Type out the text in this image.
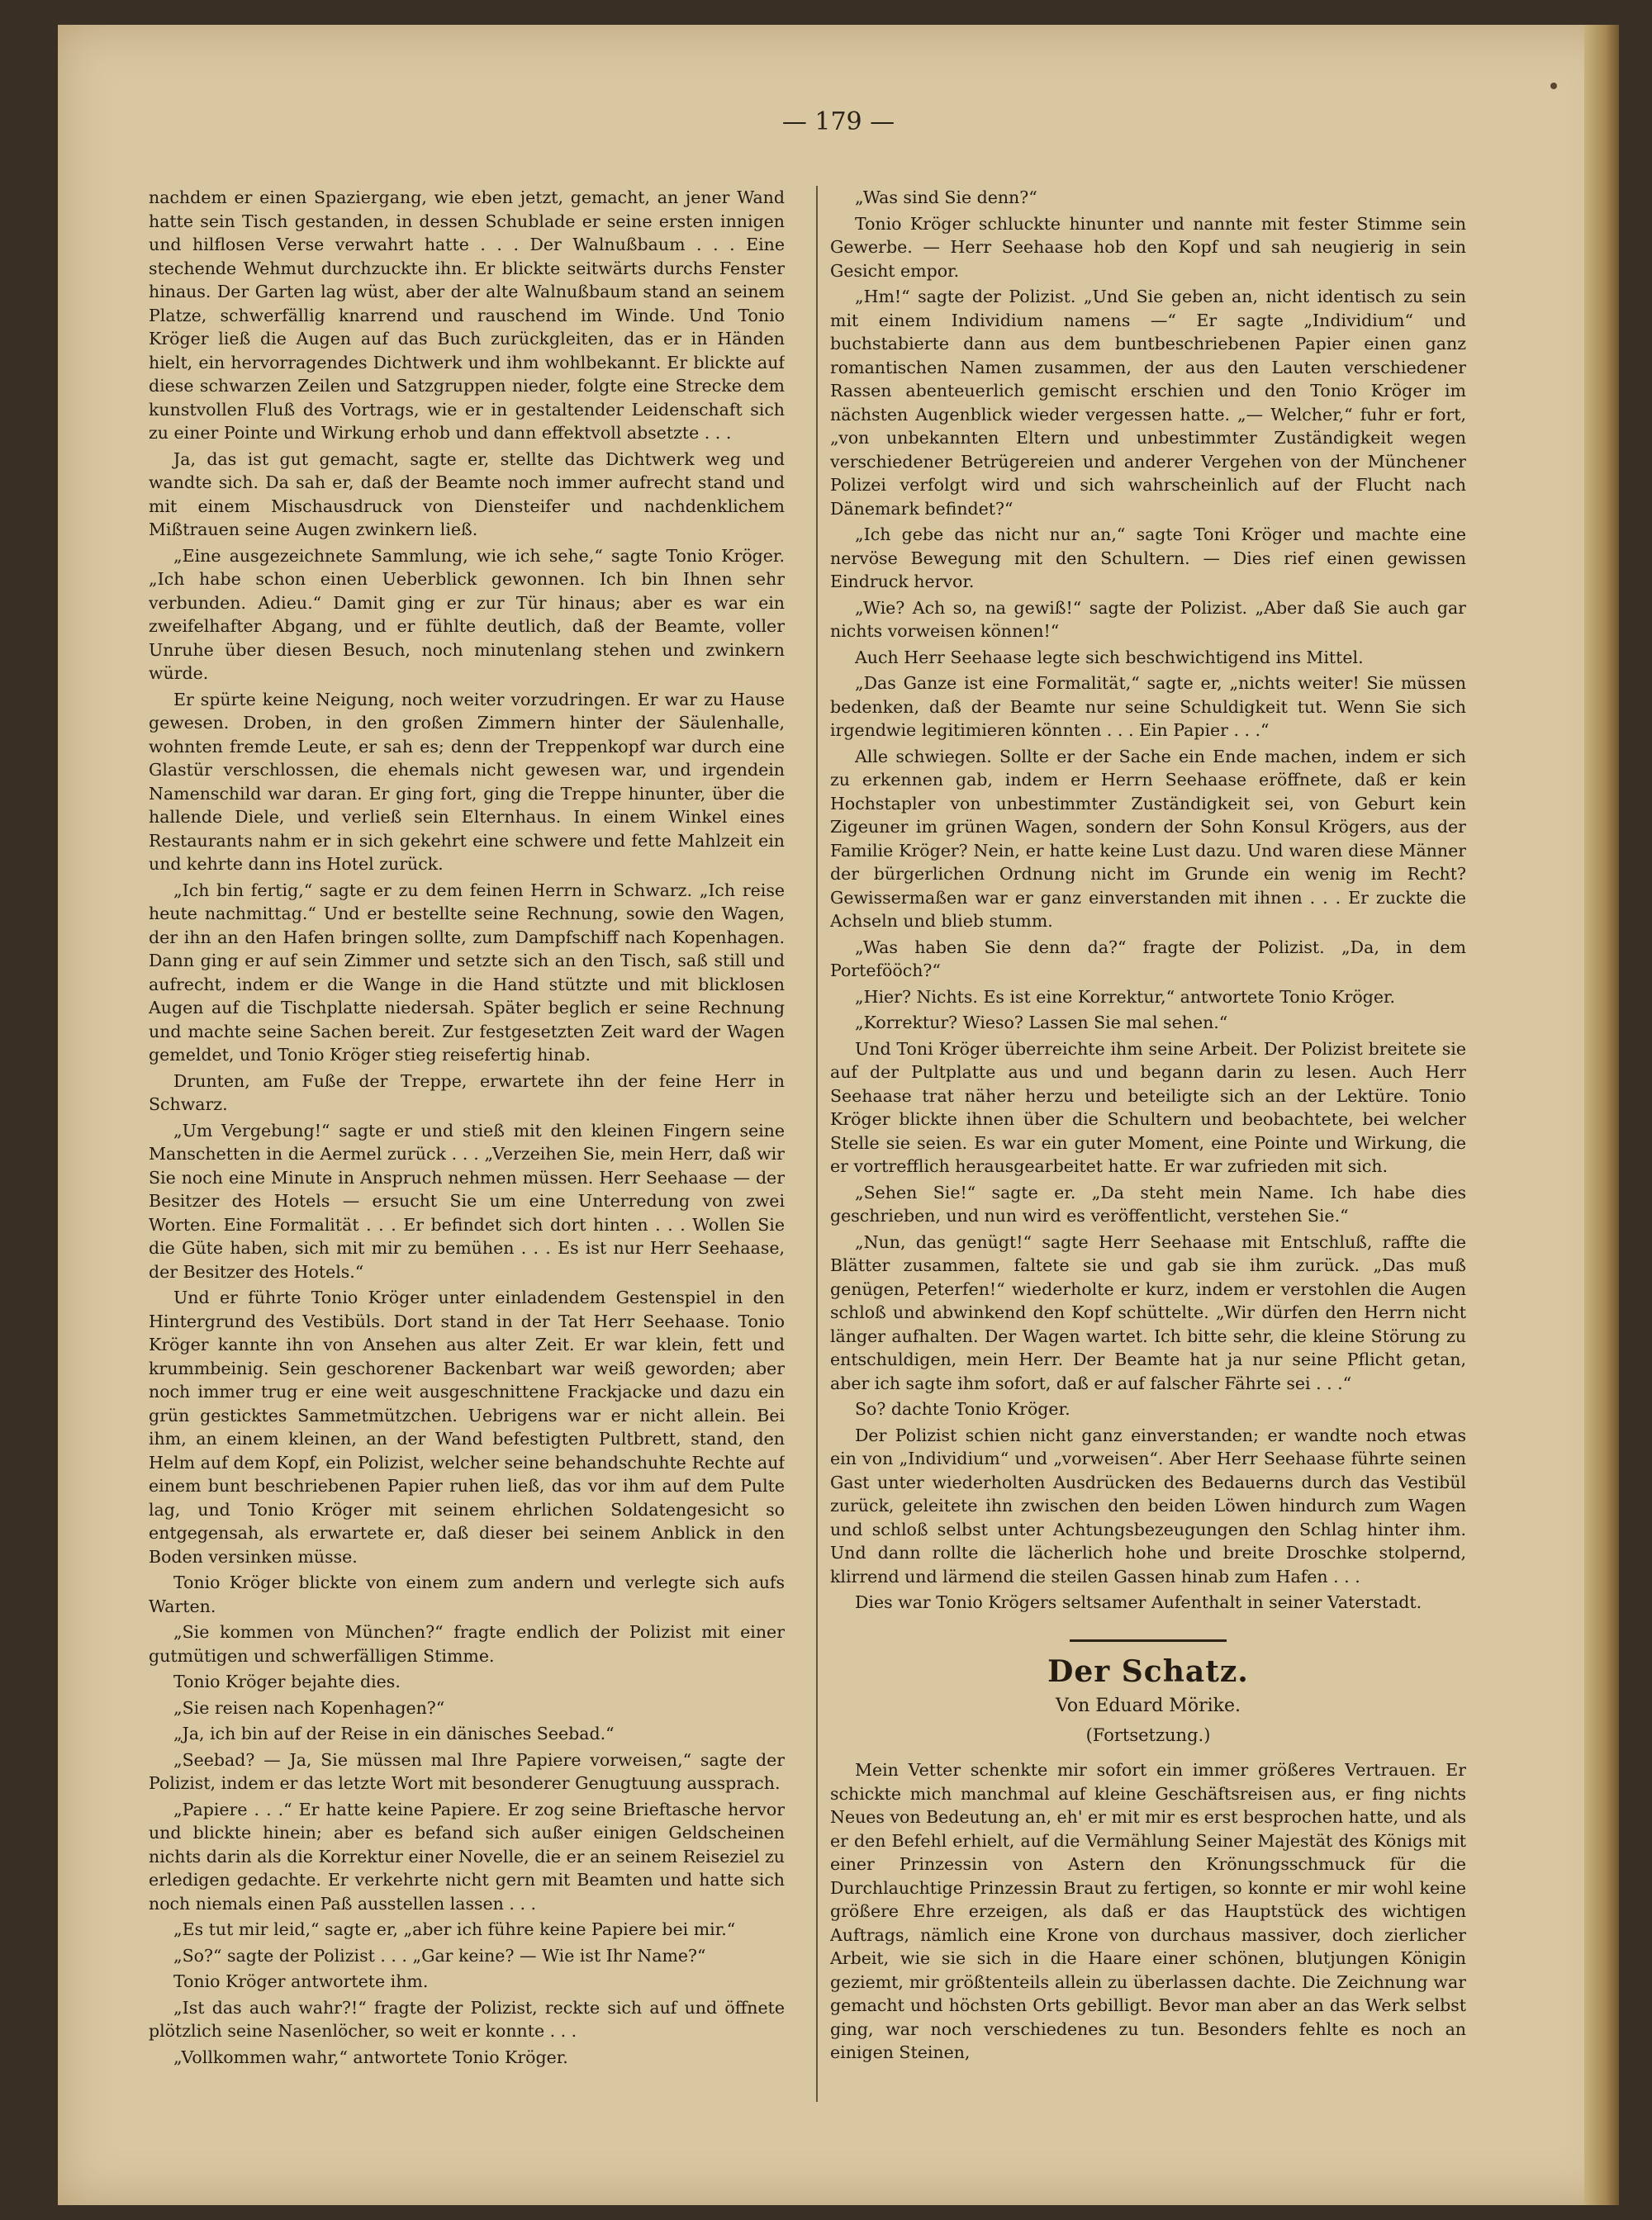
— 179 —

nachdem er einen Spaziergang, wie eben jetzt, gemacht, an jener Wand hatte sein Tisch gestanden, in dessen Schublade er seine ersten innigen und hilflosen Verse verwahrt hatte . . . Der Walnußbaum . . . Eine stechende Wehmut durchzuckte ihn. Er blickte seitwärts durchs Fenster hinaus. Der Garten lag wüst, aber der alte Walnußbaum stand an seinem Platze, schwerfällig knarrend und rauschend im Winde. Und Tonio Kröger ließ die Augen auf das Buch zurückgleiten, das er in Händen hielt, ein hervorragendes Dichtwerk und ihm wohlbekannt. Er blickte auf diese schwarzen Zeilen und Satzgruppen nieder, folgte eine Strecke dem kunstvollen Fluß des Vortrags, wie er in gestaltender Leidenschaft sich zu einer Pointe und Wirkung erhob und dann effektvoll absetzte . . .

Ja, das ist gut gemacht, sagte er, stellte das Dichtwerk weg und wandte sich. Da sah er, daß der Beamte noch immer aufrecht stand und mit einem Mischausdruck von Diensteifer und nachdenklichem Mißtrauen seine Augen zwinkern ließ.

„Eine ausgezeichnete Sammlung, wie ich sehe,“ sagte Tonio Kröger. „Ich habe schon einen Ueberblick gewonnen. Ich bin Ihnen sehr verbunden. Adieu.“ Damit ging er zur Tür hinaus; aber es war ein zweifelhafter Abgang, und er fühlte deutlich, daß der Beamte, voller Unruhe über diesen Besuch, noch minutenlang stehen und zwinkern würde.

Er spürte keine Neigung, noch weiter vorzudringen. Er war zu Hause gewesen. Droben, in den großen Zimmern hinter der Säulenhalle, wohnten fremde Leute, er sah es; denn der Treppenkopf war durch eine Glastür verschlossen, die ehemals nicht gewesen war, und irgendein Namenschild war daran. Er ging fort, ging die Treppe hinunter, über die hallende Diele, und verließ sein Elternhaus. In einem Winkel eines Restaurants nahm er in sich gekehrt eine schwere und fette Mahlzeit ein und kehrte dann ins Hotel zurück.

„Ich bin fertig,“ sagte er zu dem feinen Herrn in Schwarz. „Ich reise heute nachmittag.“ Und er bestellte seine Rechnung, sowie den Wagen, der ihn an den Hafen bringen sollte, zum Dampfschiff nach Kopenhagen. Dann ging er auf sein Zimmer und setzte sich an den Tisch, saß still und aufrecht, indem er die Wange in die Hand stützte und mit blicklosen Augen auf die Tischplatte niedersah. Später beglich er seine Rechnung und machte seine Sachen bereit. Zur festgesetzten Zeit ward der Wagen gemeldet, und Tonio Kröger stieg reisefertig hinab.

Drunten, am Fuße der Treppe, erwartete ihn der feine Herr in Schwarz.

„Um Vergebung!“ sagte er und stieß mit den kleinen Fingern seine Manschetten in die Aermel zurück . . . „Verzeihen Sie, mein Herr, daß wir Sie noch eine Minute in Anspruch nehmen müssen. Herr Seehaase — der Besitzer des Hotels — ersucht Sie um eine Unterredung von zwei Worten. Eine Formalität . . . Er befindet sich dort hinten . . . Wollen Sie die Güte haben, sich mit mir zu bemühen . . . Es ist nur Herr Seehaase, der Besitzer des Hotels.“

Und er führte Tonio Kröger unter einladendem Gestenspiel in den Hintergrund des Vestibüls. Dort stand in der Tat Herr Seehaase. Tonio Kröger kannte ihn von Ansehen aus alter Zeit. Er war klein, fett und krummbeinig. Sein geschorener Backenbart war weiß geworden; aber noch immer trug er eine weit ausgeschnittene Frackjacke und dazu ein grün gesticktes Sammetmützchen. Uebrigens war er nicht allein. Bei ihm, an einem kleinen, an der Wand befestigten Pultbrett, stand, den Helm auf dem Kopf, ein Polizist, welcher seine behandschuhte Rechte auf einem bunt beschriebenen Papier ruhen ließ, das vor ihm auf dem Pulte lag, und Tonio Kröger mit seinem ehrlichen Soldatengesicht so entgegensah, als erwartete er, daß dieser bei seinem Anblick in den Boden versinken müsse.

Tonio Kröger blickte von einem zum andern und verlegte sich aufs Warten.

„Sie kommen von München?“ fragte endlich der Polizist mit einer gutmütigen und schwerfälligen Stimme.

Tonio Kröger bejahte dies.

„Sie reisen nach Kopenhagen?“

„Ja, ich bin auf der Reise in ein dänisches Seebad.“

„Seebad? — Ja, Sie müssen mal Ihre Papiere vorweisen,“ sagte der Polizist, indem er das letzte Wort mit besonderer Genugtuung aussprach.

„Papiere . . .“ Er hatte keine Papiere. Er zog seine Brieftasche hervor und blickte hinein; aber es befand sich außer einigen Geldscheinen nichts darin als die Korrektur einer Novelle, die er an seinem Reiseziel zu erledigen gedachte. Er verkehrte nicht gern mit Beamten und hatte sich noch niemals einen Paß ausstellen lassen . . .

„Es tut mir leid,“ sagte er, „aber ich führe keine Papiere bei mir.“

„So?“ sagte der Polizist . . . „Gar keine? — Wie ist Ihr Name?“

Tonio Kröger antwortete ihm.

„Ist das auch wahr?!“ fragte der Polizist, reckte sich auf und öffnete plötzlich seine Nasenlöcher, so weit er konnte . . .

„Vollkommen wahr,“ antwortete Tonio Kröger.

„Was sind Sie denn?“

Tonio Kröger schluckte hinunter und nannte mit fester Stimme sein Gewerbe. — Herr Seehaase hob den Kopf und sah neugierig in sein Gesicht empor.

„Hm!“ sagte der Polizist. „Und Sie geben an, nicht identisch zu sein mit einem Individium namens —“ Er sagte „Individium“ und buchstabierte dann aus dem buntbeschriebenen Papier einen ganz romantischen Namen zusammen, der aus den Lauten verschiedener Rassen abenteuerlich gemischt erschien und den Tonio Kröger im nächsten Augenblick wieder vergessen hatte. „— Welcher,“ fuhr er fort, „von unbekannten Eltern und unbestimmter Zuständigkeit wegen verschiedener Betrügereien und anderer Vergehen von der Münchener Polizei verfolgt wird und sich wahrscheinlich auf der Flucht nach Dänemark befindet?“

„Ich gebe das nicht nur an,“ sagte Toni Kröger und machte eine nervöse Bewegung mit den Schultern. — Dies rief einen gewissen Eindruck hervor.

„Wie? Ach so, na gewiß!“ sagte der Polizist. „Aber daß Sie auch gar nichts vorweisen können!“

Auch Herr Seehaase legte sich beschwichtigend ins Mittel.

„Das Ganze ist eine Formalität,“ sagte er, „nichts weiter! Sie müssen bedenken, daß der Beamte nur seine Schuldigkeit tut. Wenn Sie sich irgendwie legitimieren könnten . . . Ein Papier . . .“

Alle schwiegen. Sollte er der Sache ein Ende machen, indem er sich zu erkennen gab, indem er Herrn Seehaase eröffnete, daß er kein Hochstapler von unbestimmter Zuständigkeit sei, von Geburt kein Zigeuner im grünen Wagen, sondern der Sohn Konsul Krögers, aus der Familie Kröger? Nein, er hatte keine Lust dazu. Und waren diese Männer der bürgerlichen Ordnung nicht im Grunde ein wenig im Recht? Gewissermaßen war er ganz einverstanden mit ihnen . . . Er zuckte die Achseln und blieb stumm.

„Was haben Sie denn da?“ fragte der Polizist. „Da, in dem Portefööch?“

„Hier? Nichts. Es ist eine Korrektur,“ antwortete Tonio Kröger.

„Korrektur? Wieso? Lassen Sie mal sehen.“

Und Toni Kröger überreichte ihm seine Arbeit. Der Polizist breitete sie auf der Pultplatte aus und und begann darin zu lesen. Auch Herr Seehaase trat näher herzu und beteiligte sich an der Lektüre. Tonio Kröger blickte ihnen über die Schultern und beobachtete, bei welcher Stelle sie seien. Es war ein guter Moment, eine Pointe und Wirkung, die er vortrefflich herausgearbeitet hatte. Er war zufrieden mit sich.

„Sehen Sie!“ sagte er. „Da steht mein Name. Ich habe dies geschrieben, und nun wird es veröffentlicht, verstehen Sie.“

„Nun, das genügt!“ sagte Herr Seehaase mit Entschluß, raffte die Blätter zusammen, faltete sie und gab sie ihm zurück. „Das muß genügen, Peterfen!“ wiederholte er kurz, indem er verstohlen die Augen schloß und abwinkend den Kopf schüttelte. „Wir dürfen den Herrn nicht länger aufhalten. Der Wagen wartet. Ich bitte sehr, die kleine Störung zu entschuldigen, mein Herr. Der Beamte hat ja nur seine Pflicht getan, aber ich sagte ihm sofort, daß er auf falscher Fährte sei . . .“

So? dachte Tonio Kröger.

Der Polizist schien nicht ganz einverstanden; er wandte noch etwas ein von „Individium“ und „vorweisen“. Aber Herr Seehaase führte seinen Gast unter wiederholten Ausdrücken des Bedauerns durch das Vestibül zurück, geleitete ihn zwischen den beiden Löwen hindurch zum Wagen und schloß selbst unter Achtungsbezeugungen den Schlag hinter ihm. Und dann rollte die lächerlich hohe und breite Droschke stolpernd, klirrend und lärmend die steilen Gassen hinab zum Hafen . . .

Dies war Tonio Krögers seltsamer Aufenthalt in seiner Vaterstadt.

Der Schatz.
Von Eduard Mörike.
(Fortsetzung.)

Mein Vetter schenkte mir sofort ein immer größeres Vertrauen. Er schickte mich manchmal auf kleine Geschäftsreisen aus, er fing nichts Neues von Bedeutung an, eh' er mit mir es erst besprochen hatte, und als er den Befehl erhielt, auf die Vermählung Seiner Majestät des Königs mit einer Prinzessin von Astern den Krönungsschmuck für die Durchlauchtige Prinzessin Braut zu fertigen, so konnte er mir wohl keine größere Ehre erzeigen, als daß er das Hauptstück des wichtigen Auftrags, nämlich eine Krone von durchaus massiver, doch zierlicher Arbeit, wie sie sich in die Haare einer schönen, blutjungen Königin geziemt, mir größtenteils allein zu überlassen dachte. Die Zeichnung war gemacht und höchsten Orts gebilligt. Bevor man aber an das Werk selbst ging, war noch verschiedenes zu tun. Besonders fehlte es noch an einigen Steinen,
